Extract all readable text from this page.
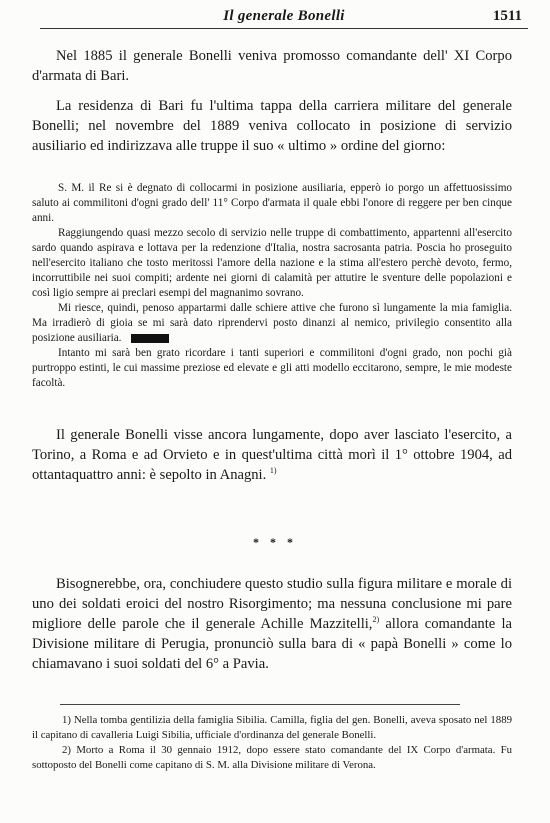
Il generale Bonelli	1511

Nel 1885 il generale Bonelli veniva promosso comandante dell' XI Corpo d'armata di Bari.

La residenza di Bari fu l'ultima tappa della carriera militare del generale Bonelli; nel novembre del 1889 veniva collocato in posizione di servizio ausiliario ed indirizzava alle truppe il suo « ultimo » ordine del giorno:

S. M. il Re si è degnato di collocarmi in posizione ausiliaria, epperò io porgo un affettuosissimo saluto ai commilitoni d'ogni grado dell' 11° Corpo d'armata il quale ebbi l'onore di reggere per ben cinque anni.

Raggiungendo quasi mezzo secolo di servizio nelle truppe di combattimento, appartenni all'esercito sardo quando aspirava e lottava per la redenzione d'Italia, nostra sacrosanta patria. Poscia ho proseguito nell'esercito italiano che tosto meritossi l'amore della nazione e la stima all'estero perchè devoto, fermo, incorruttibile nei suoi compiti; ardente nei giorni di calamità per attutire le sventure delle popolazioni e così ligio sempre ai preclari esempi del magnanimo sovrano.

Mi riesce, quindi, penoso appartarmi dalle schiere attive che furono sì lungamente la mia famiglia. Ma irradierò di gioia se mi sarà dato riprendervi posto dinanzi al nemico, privilegio consentito alla posizione ausiliaria.

Intanto mi sarà ben grato ricordare i tanti superiori e commilitoni d'ogni grado, non pochi già purtroppo estinti, le cui massime preziose ed elevate e gli atti modello eccitarono, sempre, le mie modeste facoltà.

Il generale Bonelli visse ancora lungamente, dopo aver lasciato l'esercito, a Torino, a Roma e ad Orvieto e in quest'ultima città morì il 1° ottobre 1904, ad ottantaquattro anni: è sepolto in Anagni. $^{1)}$

* * *

Bisognerebbe, ora, conchiudere questo studio sulla figura militare e morale di uno dei soldati eroici del nostro Risorgimento; ma nessuna conclusione mi pare migliore delle parole che il generale Achille Mazzitelli,$^{2)}$ allora comandante la Divisione militare di Perugia, pronunciò sulla bara di « papà Bonelli » come lo chiamavano i suoi soldati del 6° a Pavia.

1) Nella tomba gentilizia della famiglia Sibilia. Camilla, figlia del gen. Bonelli, aveva sposato nel 1889 il capitano di cavalleria Luigi Sibilia, ufficiale d'ordinanza del generale Bonelli.

2) Morto a Roma il 30 gennaio 1912, dopo essere stato comandante del IX Corpo d'armata. Fu sottoposto del Bonelli come capitano di S. M. alla Divisione militare di Verona.
